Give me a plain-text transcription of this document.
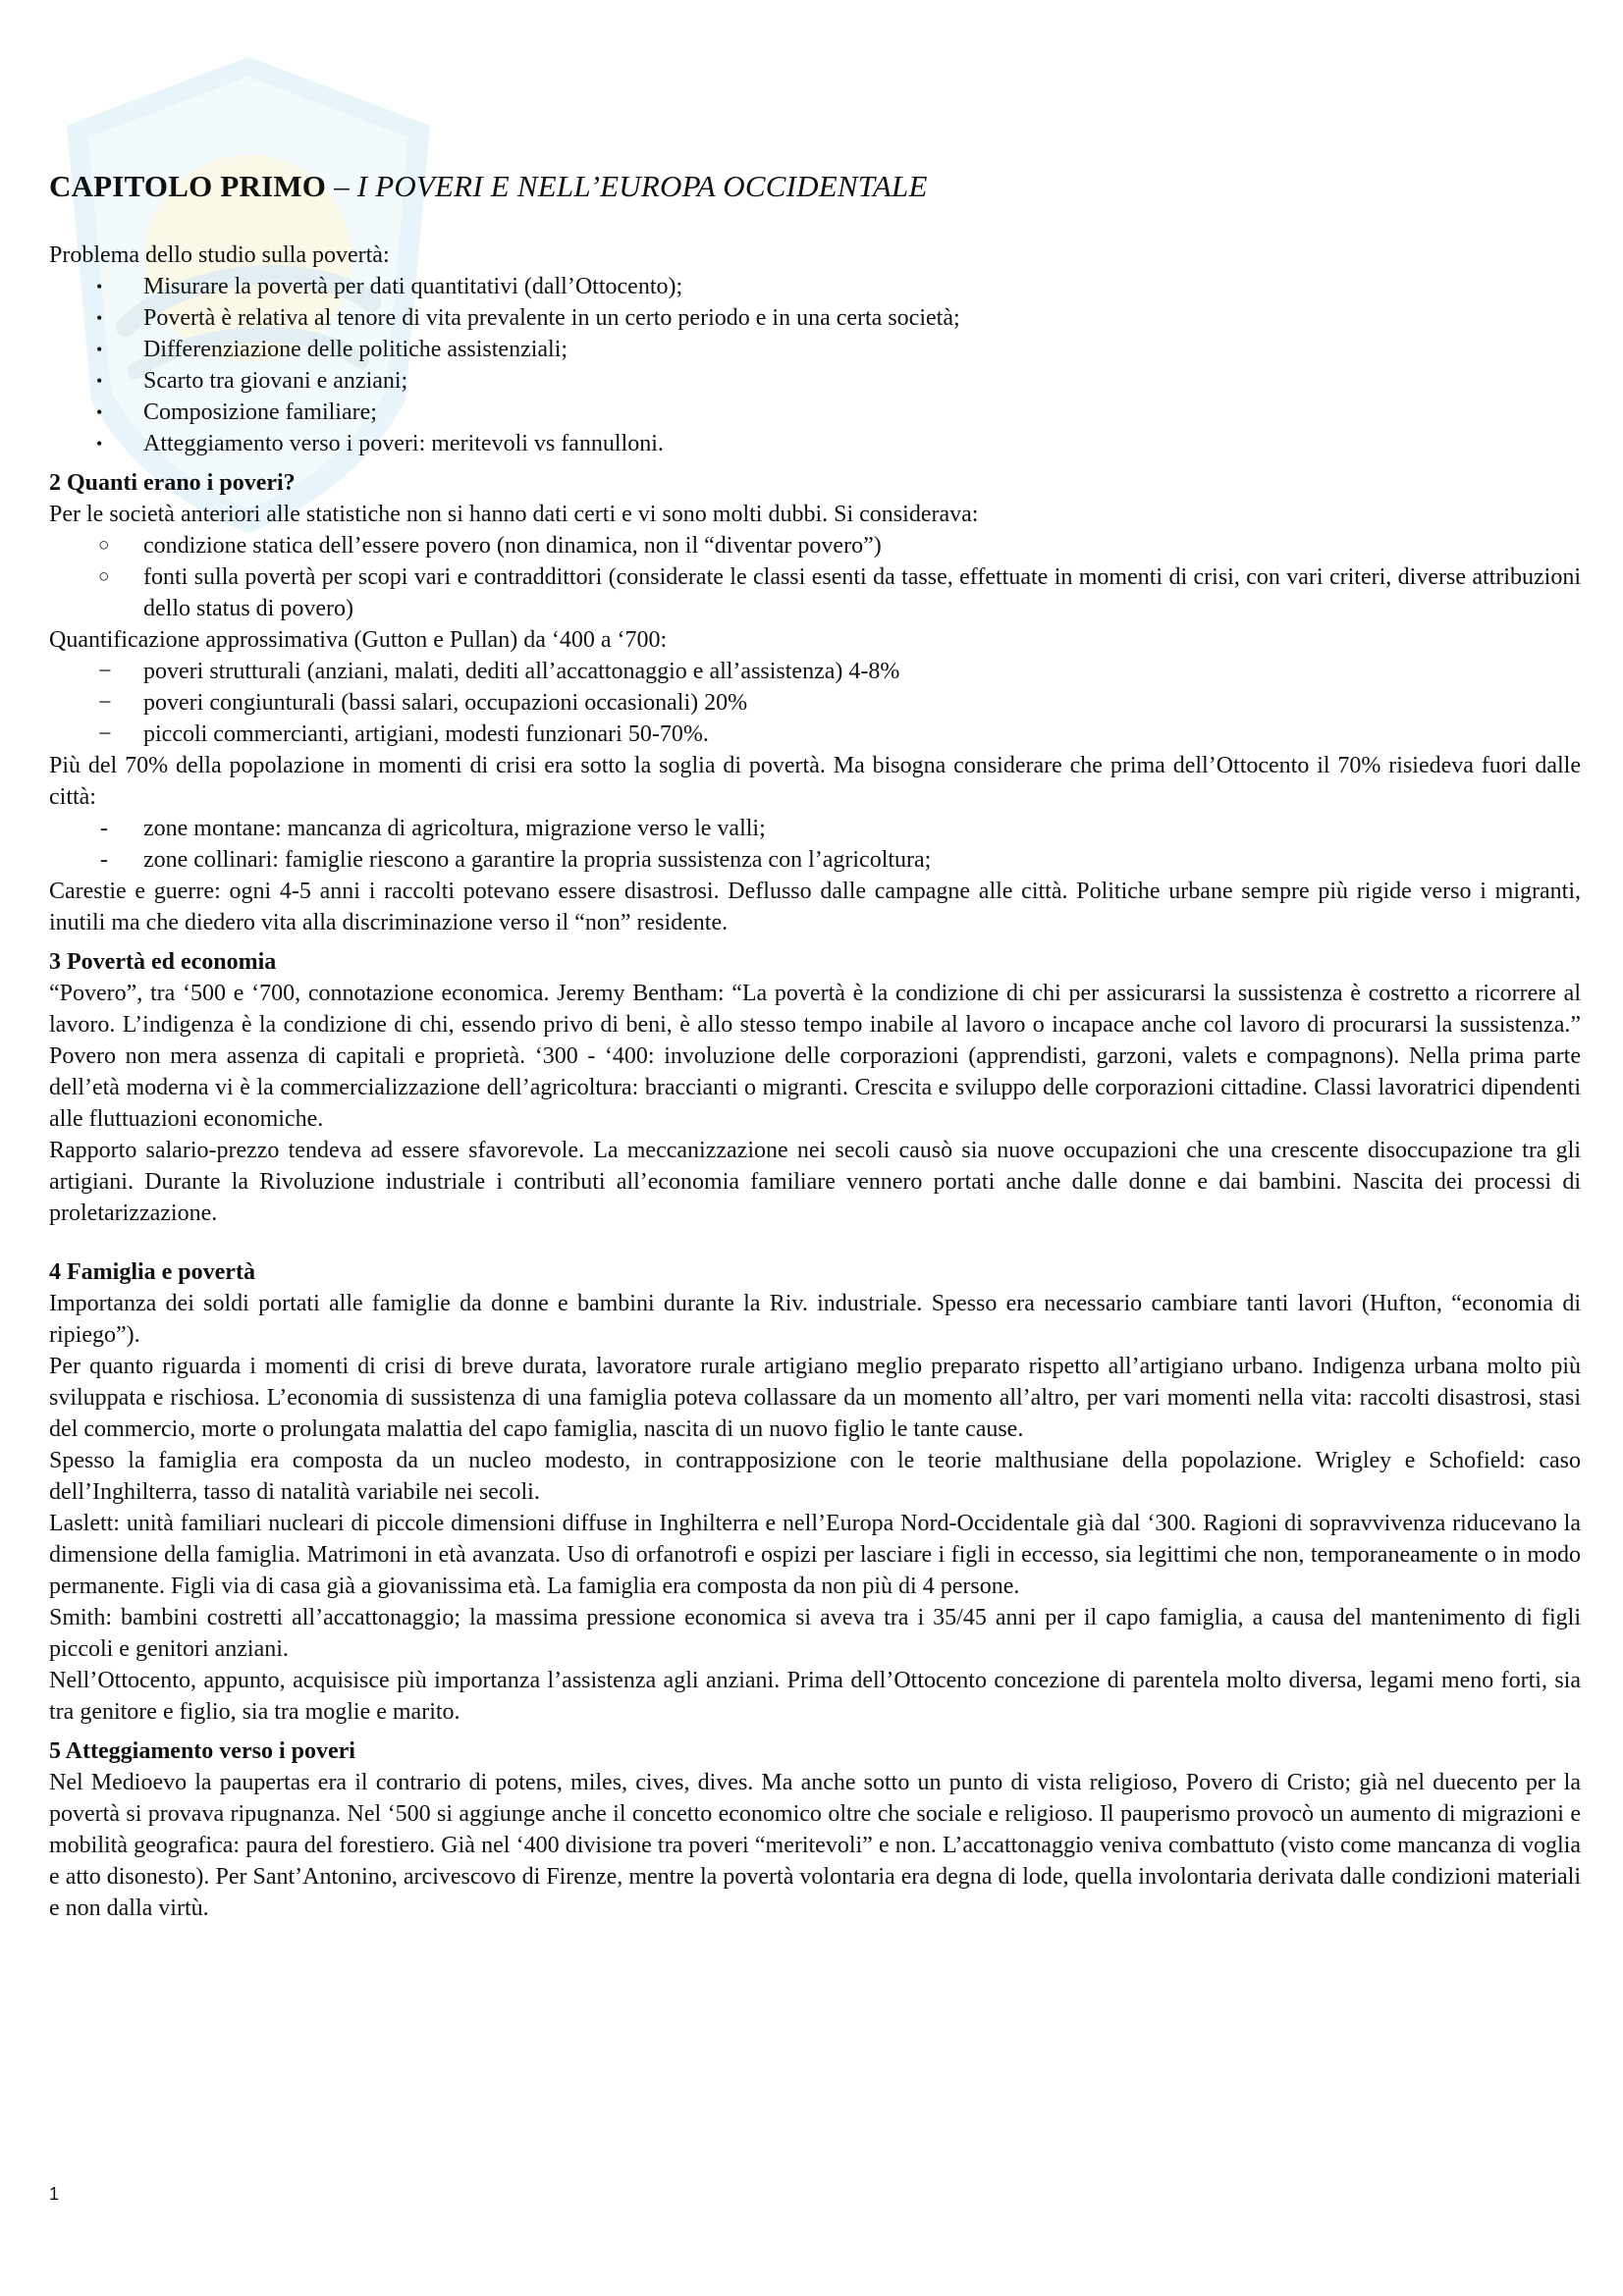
CAPITOLO PRIMO – I POVERI E NELL’EUROPA OCCIDENTALE

Problema dello studio sulla povertà:

•	Misurare la povertà per dati quantitativi (dall’Ottocento);
•	Povertà è relativa al tenore di vita prevalente in un certo periodo e in una certa società;
•	Differenziazione delle politiche assistenziali;
•	Scarto tra giovani e anziani;
•	Composizione familiare;
•	Atteggiamento verso i poveri: meritevoli vs fannulloni.
2 Quanti erano i poveri?

Per le società anteriori alle statistiche non si hanno dati certi e vi sono molti dubbi. Si considerava:

○	condizione statica dell’essere povero (non dinamica, non il “diventar povero”)
○	fonti sulla povertà per scopi vari e contraddittori (considerate le classi esenti da tasse, effettuate in momenti di crisi, con vari criteri, diverse attribuzioni dello status di povero)

Quantificazione approssimativa (Gutton e Pullan) da ‘400 a ‘700:

−	poveri strutturali (anziani, malati, dediti all’accattonaggio e all’assistenza) 4-8%
−	poveri congiunturali (bassi salari, occupazioni occasionali) 20%
−	piccoli commercianti, artigiani, modesti funzionari 50-70%.

Più del 70% della popolazione in momenti di crisi era sotto la soglia di povertà. Ma bisogna considerare che prima dell’Ottocento il 70% risiedeva fuori dalle città:

-	zone montane: mancanza di agricoltura, migrazione verso le valli;
-	zone collinari: famiglie riescono a garantire la propria sussistenza con l’agricoltura;

Carestie e guerre: ogni 4-5 anni i raccolti potevano essere disastrosi. Deflusso dalle campagne alle città. Politiche urbane sempre più rigide verso i migranti, inutili ma che diedero vita alla discriminazione verso il “non” residente.

3 Povertà ed economia

“Povero”, tra ‘500 e ‘700, connotazione economica. Jeremy Bentham: “La povertà è la condizione di chi per assicurarsi la sussistenza è costretto a ricorrere al lavoro. L’indigenza è la condizione di chi, essendo privo di beni, è allo stesso tempo inabile al lavoro o incapace anche col lavoro di procurarsi la sussistenza.” Povero non mera assenza di capitali e proprietà. ‘300 - ‘400: involuzione delle corporazioni (apprendisti, garzoni, valets e compagnons). Nella prima parte dell’età moderna vi è la commercializzazione dell’agricoltura: braccianti o migranti. Crescita e sviluppo delle corporazioni cittadine. Classi lavoratrici dipendenti alle fluttuazioni economiche.

Rapporto salario-prezzo tendeva ad essere sfavorevole. La meccanizzazione nei secoli causò sia nuove occupazioni che una crescente disoccupazione tra gli artigiani. Durante la Rivoluzione industriale i contributi all’economia familiare vennero portati anche dalle donne e dai bambini. Nascita dei processi di proletarizzazione.

4 Famiglia e povertà

Importanza dei soldi portati alle famiglie da donne e bambini durante la Riv. industriale. Spesso era necessario cambiare tanti lavori (Hufton, “economia di ripiego”).

Per quanto riguarda i momenti di crisi di breve durata, lavoratore rurale artigiano meglio preparato rispetto all’artigiano urbano. Indigenza urbana molto più sviluppata e rischiosa. L’economia di sussistenza di una famiglia poteva collassare da un momento all’altro, per vari momenti nella vita: raccolti disastrosi, stasi del commercio, morte o prolungata malattia del capo famiglia, nascita di un nuovo figlio le tante cause.

Spesso la famiglia era composta da un nucleo modesto, in contrapposizione con le teorie malthusiane della popolazione. Wrigley e Schofield: caso dell’Inghilterra, tasso di natalità variabile nei secoli.

Laslett: unità familiari nucleari di piccole dimensioni diffuse in Inghilterra e nell’Europa Nord-Occidentale già dal ‘300. Ragioni di sopravvivenza riducevano la dimensione della famiglia. Matrimoni in età avanzata. Uso di orfanotrofi e ospizi per lasciare i figli in eccesso, sia legittimi che non, temporaneamente o in modo permanente. Figli via di casa già a giovanissima età. La famiglia era composta da non più di 4 persone.

Smith: bambini costretti all’accattonaggio; la massima pressione economica si aveva tra i 35/45 anni per il capo famiglia, a causa del mantenimento di figli piccoli e genitori anziani.

Nell’Ottocento, appunto, acquisisce più importanza l’assistenza agli anziani. Prima dell’Ottocento concezione di parentela molto diversa, legami meno forti, sia tra genitore e figlio, sia tra moglie e marito.

5 Atteggiamento verso i poveri

Nel Medioevo la paupertas era il contrario di potens, miles, cives, dives. Ma anche sotto un punto di vista religioso, Povero di Cristo; già nel duecento per la povertà si provava ripugnanza. Nel ‘500 si aggiunge anche il concetto economico oltre che sociale e religioso. Il pauperismo provocò un aumento di migrazioni e mobilità geografica: paura del forestiero. Già nel ‘400 divisione tra poveri “meritevoli” e non. L’accattonaggio veniva combattuto (visto come mancanza di voglia e atto disonesto). Per Sant’Antonino, arcivescovo di Firenze, mentre la povertà volontaria era degna di lode, quella involontaria derivata dalle condizioni materiali e non dalla virtù.

1
